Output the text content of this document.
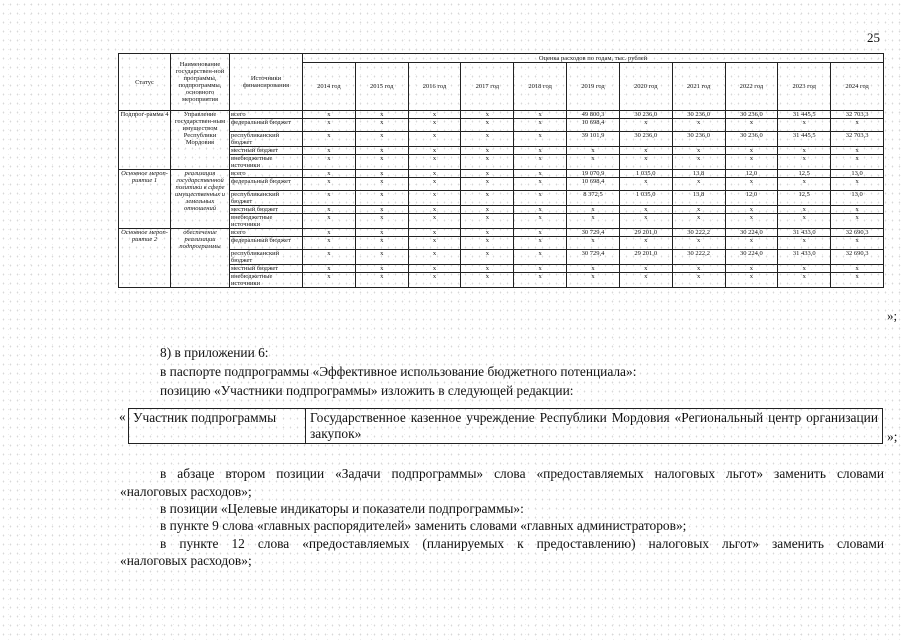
25
Статус	Наименование государствен-ной программы, подпрограммы, основного мероприятия	Источники финансирования	Оценка расходов по годам, тыс. рублей										
			2014 год	2015 год	2016 год	2017 год	2018 год	2019 год	2020 год	2021 год	2022 год	2023 год	2024 год
Подпрог-рамма 4	Управление государствен-ным имуществом Республики Мордовия	всего	x	x	x	x	x	49 800,3	30 236,0	30 236,0	30 236,0	31 445,5	32 703,3
		федеральный бюджет	x	x	x	x	x	10 698,4	x	x	x	x	x
		республиканский бюджет	x	x	x	x	x	39 101,9	30 236,0	30 236,0	30 236,0	31 445,5	32 703,3
		местный бюджет	x	x	x	x	x	x	x	x	x	x	x
		внебюджетные источники	x	x	x	x	x	x	x	x	x	x	x
Основное мероп-риятие 1	реализация государственной политики в сфере имущественных и земельных отношений	всего	x	x	x	x	x	19 070,9	1 035,0	13,8	12,0	12,5	13,0
		федеральный бюджет	x	x	x	x	x	10 698,4	x	x	x	x	x
		республиканский бюджет	x	x	x	x	x	8 372,5	1 035,0	13,8	12,0	12,5	13,0
		местный бюджет	x	x	x	x	x	x	x	x	x	x	x
		внебюджетные источники	x	x	x	x	x	x	x	x	x	x	x
Основное мероп-риятие 2	обеспечение реализации подпрограммы	всего	x	x	x	x	x	30 729,4	29 201,0	30 222,2	30 224,0	31 433,0	32 690,3
		федеральный бюджет	x	x	x	x	x	x	x	x	x	x	x
		республиканский бюджет	x	x	x	x	x	30 729,4	29 201,0	30 222,2	30 224,0	31 433,0	32 690,3
		местный бюджет	x	x	x	x	x	x	x	x	x	x	x
		внебюджетные источники	x	x	x	x	x	x	x	x	x	x	x
»;
8) в приложении 6:
в паспорте подпрограммы «Эффективное использование бюджетного потенциала»:
позицию «Участники подпрограммы» изложить в следующей редакции:
« Участник подпрограммы	Государственное казенное учреждение Республики Мордовия «Региональный центр организации закупок»	»;
в абзаце втором позиции «Задачи подпрограммы» слова «предоставляемых налоговых льгот» заменить словами
«налоговых расходов»;
в позиции «Целевые индикаторы и показатели подпрограммы»:
в пункте 9 слова «главных распорядителей» заменить словами «главных администраторов»;
в пункте 12 слова «предоставляемых (планируемых к предоставлению) налоговых льгот» заменить словами
«налоговых расходов»;
